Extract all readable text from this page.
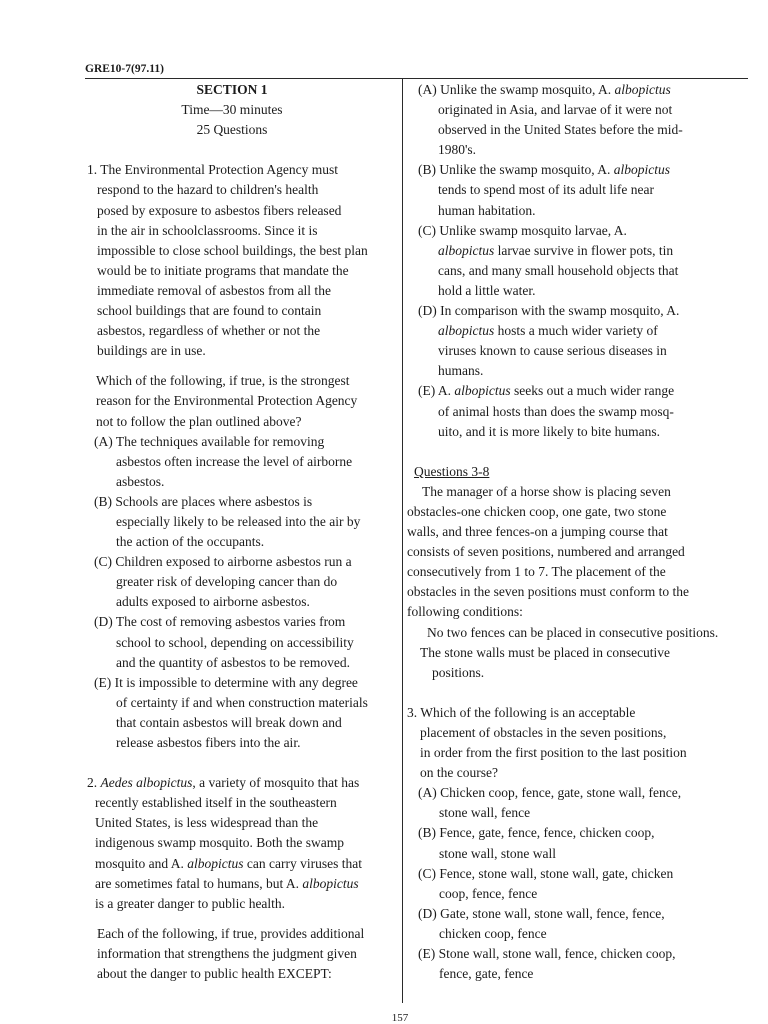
GRE10-7(97.11)
SECTION 1
Time—30 minutes
25 Questions
1. The Environmental Protection Agency must
respond to the hazard to children's health
posed by exposure to asbestos fibers released
in the air in schoolclassrooms. Since it is
impossible to close school buildings, the best plan
would be to initiate programs that mandate the
immediate removal of asbestos from all the
school buildings that are found to contain
asbestos, regardless of whether or not the
buildings are in use.
Which of the following, if true, is the strongest
reason for the Environmental Protection Agency
not to follow the plan outlined above?
(A) The techniques available for removing
asbestos often increase the level of airborne
asbestos.
(B) Schools are places where asbestos is
especially likely to be released into the air by
the action of the occupants.
(C) Children exposed to airborne asbestos run a
greater risk of developing cancer than do
adults exposed to airborne asbestos.
(D) The cost of removing asbestos varies from
school to school, depending on accessibility
and the quantity of asbestos to be removed.
(E) It is impossible to determine with any degree
of certainty if and when construction materials
that contain asbestos will break down and
release asbestos fibers into the air.
2. Aedes albopictus, a variety of mosquito that has
recently established itself in the southeastern
United States, is less widespread than the
indigenous swamp mosquito. Both the swamp
mosquito and A. albopictus can carry viruses that
are sometimes fatal to humans, but A. albopictus
is a greater danger to public health.
Each of the following, if true, provides additional
information that strengthens the judgment given
about the danger to public health EXCEPT:
(A) Unlike the swamp mosquito, A. albopictus
originated in Asia, and larvae of it were not
observed in the United States before the mid-
1980's.
(B) Unlike the swamp mosquito, A. albopictus
tends to spend most of its adult life near
human habitation.
(C) Unlike swamp mosquito larvae, A.
albopictus larvae survive in flower pots, tin
cans, and many small household objects that
hold a little water.
(D) In comparison with the swamp mosquito, A.
albopictus hosts a much wider variety of
viruses known to cause serious diseases in
humans.
(E) A. albopictus seeks out a much wider range
of animal hosts than does the swamp mosq-
uito, and it is more likely to bite humans.
Questions 3-8
The manager of a horse show is placing seven
obstacles-one chicken coop, one gate, two stone
walls, and three fences-on a jumping course that
consists of seven positions, numbered and arranged
consecutively from 1 to 7. The placement of the
obstacles in the seven positions must conform to the
following conditions:
No two fences can be placed in consecutive positions.
The stone walls must be placed in consecutive
positions.
3. Which of the following is an acceptable
placement of obstacles in the seven positions,
in order from the first position to the last position
on the course?
(A) Chicken coop, fence, gate, stone wall, fence,
stone wall, fence
(B) Fence, gate, fence, fence, chicken coop,
stone wall, stone wall
(C) Fence, stone wall, stone wall, gate, chicken
coop, fence, fence
(D) Gate, stone wall, stone wall, fence, fence,
chicken coop, fence
(E) Stone wall, stone wall, fence, chicken coop,
fence, gate, fence
157
